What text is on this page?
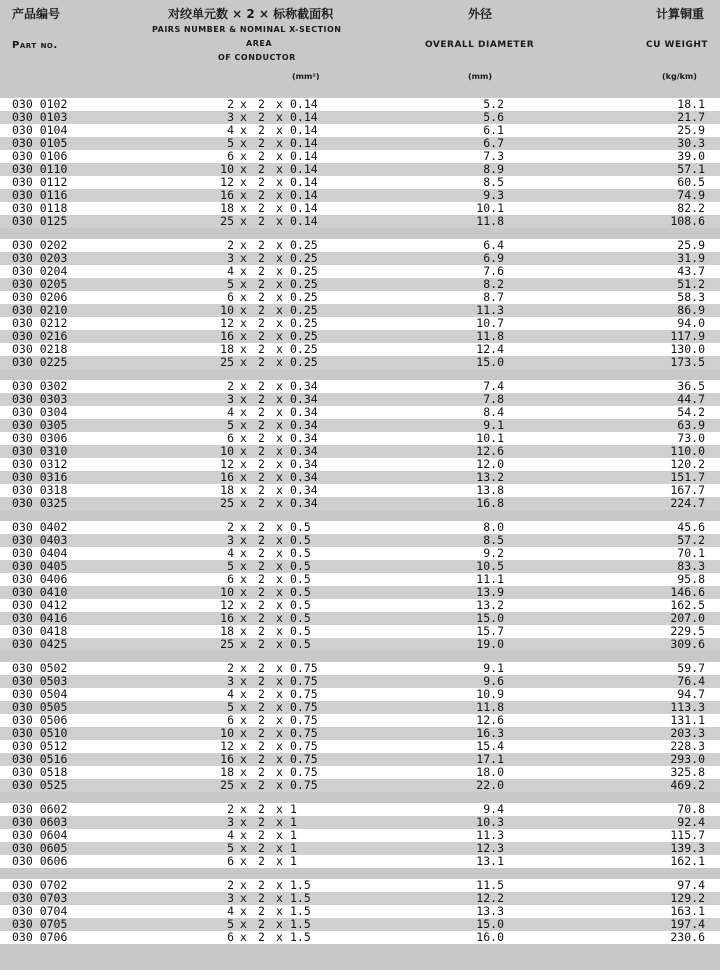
产品编号
Part no.
对绞单元数 × 2 × 标称截面积
PAIRS NUMBER & NOMINAL X-SECTION
AREA
OF CONDUCTOR
(mm²)
外径
OVERALL DIAMETER
(mm)
计算铜重
CU WEIGHT
(kg/km)
030 0102	2 x 2 x 0.14	5.2	18.1
030 0103	3 x 2 x 0.14	5.6	21.7
030 0104	4 x 2 x 0.14	6.1	25.9
030 0105	5 x 2 x 0.14	6.7	30.3
030 0106	6 x 2 x 0.14	7.3	39.0
030 0110	10 x 2 x 0.14	8.9	57.1
030 0112	12 x 2 x 0.14	8.5	60.5
030 0116	16 x 2 x 0.14	9.3	74.9
030 0118	18 x 2 x 0.14	10.1	82.2
030 0125	25 x 2 x 0.14	11.8	108.6
030 0202	2 x 2 x 0.25	6.4	25.9
030 0203	3 x 2 x 0.25	6.9	31.9
030 0204	4 x 2 x 0.25	7.6	43.7
030 0205	5 x 2 x 0.25	8.2	51.2
030 0206	6 x 2 x 0.25	8.7	58.3
030 0210	10 x 2 x 0.25	11.3	86.9
030 0212	12 x 2 x 0.25	10.7	94.0
030 0216	16 x 2 x 0.25	11.8	117.9
030 0218	18 x 2 x 0.25	12.4	130.0
030 0225	25 x 2 x 0.25	15.0	173.5
030 0302	2 x 2 x 0.34	7.4	36.5
030 0303	3 x 2 x 0.34	7.8	44.7
030 0304	4 x 2 x 0.34	8.4	54.2
030 0305	5 x 2 x 0.34	9.1	63.9
030 0306	6 x 2 x 0.34	10.1	73.0
030 0310	10 x 2 x 0.34	12.6	110.0
030 0312	12 x 2 x 0.34	12.0	120.2
030 0316	16 x 2 x 0.34	13.2	151.7
030 0318	18 x 2 x 0.34	13.8	167.7
030 0325	25 x 2 x 0.34	16.8	224.7
030 0402	2 x 2 x 0.5	8.0	45.6
030 0403	3 x 2 x 0.5	8.5	57.2
030 0404	4 x 2 x 0.5	9.2	70.1
030 0405	5 x 2 x 0.5	10.5	83.3
030 0406	6 x 2 x 0.5	11.1	95.8
030 0410	10 x 2 x 0.5	13.9	146.6
030 0412	12 x 2 x 0.5	13.2	162.5
030 0416	16 x 2 x 0.5	15.0	207.0
030 0418	18 x 2 x 0.5	15.7	229.5
030 0425	25 x 2 x 0.5	19.0	309.6
030 0502	2 x 2 x 0.75	9.1	59.7
030 0503	3 x 2 x 0.75	9.6	76.4
030 0504	4 x 2 x 0.75	10.9	94.7
030 0505	5 x 2 x 0.75	11.8	113.3
030 0506	6 x 2 x 0.75	12.6	131.1
030 0510	10 x 2 x 0.75	16.3	203.3
030 0512	12 x 2 x 0.75	15.4	228.3
030 0516	16 x 2 x 0.75	17.1	293.0
030 0518	18 x 2 x 0.75	18.0	325.8
030 0525	25 x 2 x 0.75	22.0	469.2
030 0602	2 x 2 x 1	9.4	70.8
030 0603	3 x 2 x 1	10.3	92.4
030 0604	4 x 2 x 1	11.3	115.7
030 0605	5 x 2 x 1	12.3	139.3
030 0606	6 x 2 x 1	13.1	162.1
030 0702	2 x 2 x 1.5	11.5	97.4
030 0703	3 x 2 x 1.5	12.2	129.2
030 0704	4 x 2 x 1.5	13.3	163.1
030 0705	5 x 2 x 1.5	15.0	197.4
030 0706	6 x 2 x 1.5	16.0	230.6
